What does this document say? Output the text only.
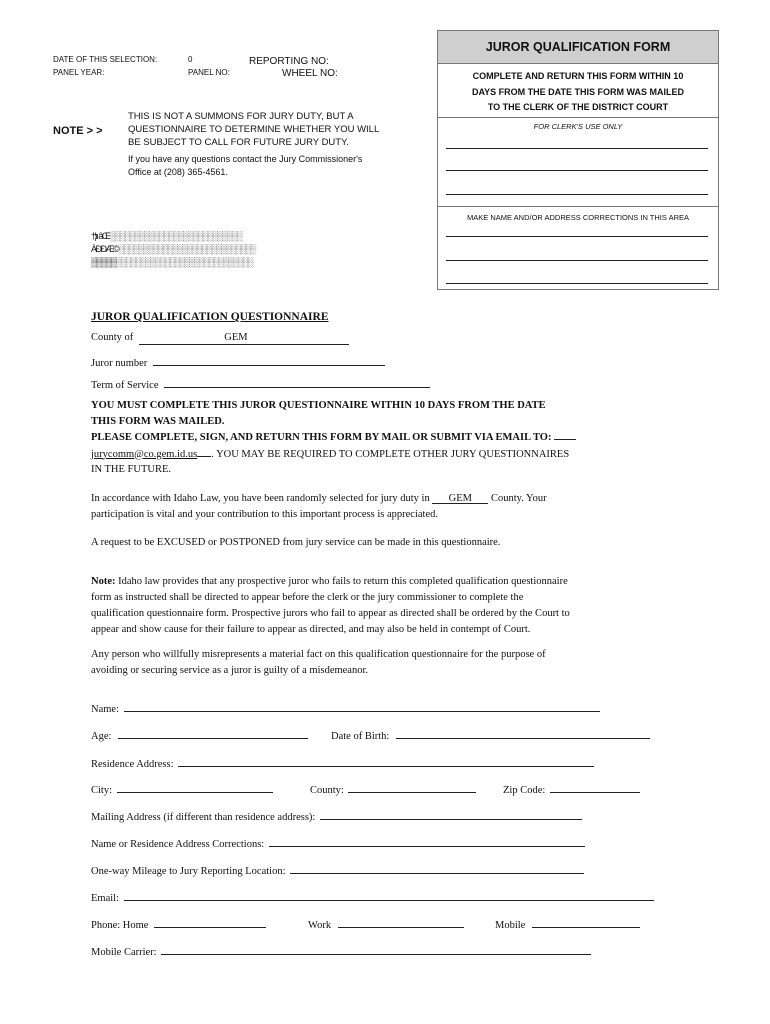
DATE OF THIS SELECTION:	0
PANEL YEAR:	PANEL NO:
REPORTING NO:
WHEEL NO:
NOTE > >
THIS IS NOT A SUMMONS FOR JURY DUTY, BUT A
QUESTIONNAIRE TO DETERMINE WHETHER YOU WILL
BE SUBJECT TO CALL FOR FUTURE JURY DUTY.
If you have any questions contact the Jury Commissioner's
Office at (208) 365-4561.
†¦ıı âŒ░░░░░░░░░░░░░░░░░░░░░░░░░░░
ÀĐÐÆ©░░░░░░░░░░░░░░░░░░░░░░░░░░░░
▒▒▒▒▒░░░░░░░░░░░░░░░░░░░░░░░░░░░░
JUROR QUALIFICATION FORM
COMPLETE AND RETURN THIS FORM WITHIN 10
DAYS FROM THE DATE THIS FORM WAS MAILED
TO THE CLERK OF THE DISTRICT COURT
FOR CLERK'S USE ONLY
MAKE NAME AND/OR ADDRESS CORRECTIONS IN THIS AREA
JUROR QUALIFICATION QUESTIONNAIRE
County of	GEM
Juror number
Term of Service
YOU MUST COMPLETE THIS JUROR QUESTIONNAIRE WITHIN 10 DAYS FROM THE DATE
THIS FORM WAS MAILED.
PLEASE COMPLETE, SIGN, AND RETURN THIS FORM BY MAIL OR SUBMIT VIA EMAIL TO:
jurycomm@co.gem.id.us . YOU MAY BE REQUIRED TO COMPLETE OTHER JURY QUESTIONNAIRES
IN THE FUTURE.
In accordance with Idaho Law, you have been randomly selected for jury duty in GEM County. Your
participation is vital and your contribution to this important process is appreciated.
A request to be EXCUSED or POSTPONED from jury service can be made in this questionnaire.
Note: Idaho law provides that any prospective juror who fails to return this completed qualification questionnaire
form as instructed shall be directed to appear before the clerk or the jury commissioner to complete the
qualification questionnaire form. Prospective jurors who fail to appear as directed shall be ordered by the Court to
appear and show cause for their failure to appear as directed, and may also be held in contempt of Court.
Any person who willfully misrepresents a material fact on this qualification questionnaire for the purpose of
avoiding or securing service as a juror is guilty of a misdemeanor.
Name:
Age:	Date of Birth:
Residence Address:
City:	County:	Zip Code:
Mailing Address (if different than residence address):
Name or Residence Address Corrections:
One-way Mileage to Jury Reporting Location:
Email:
Phone: Home	Work	Mobile
Mobile Carrier:
